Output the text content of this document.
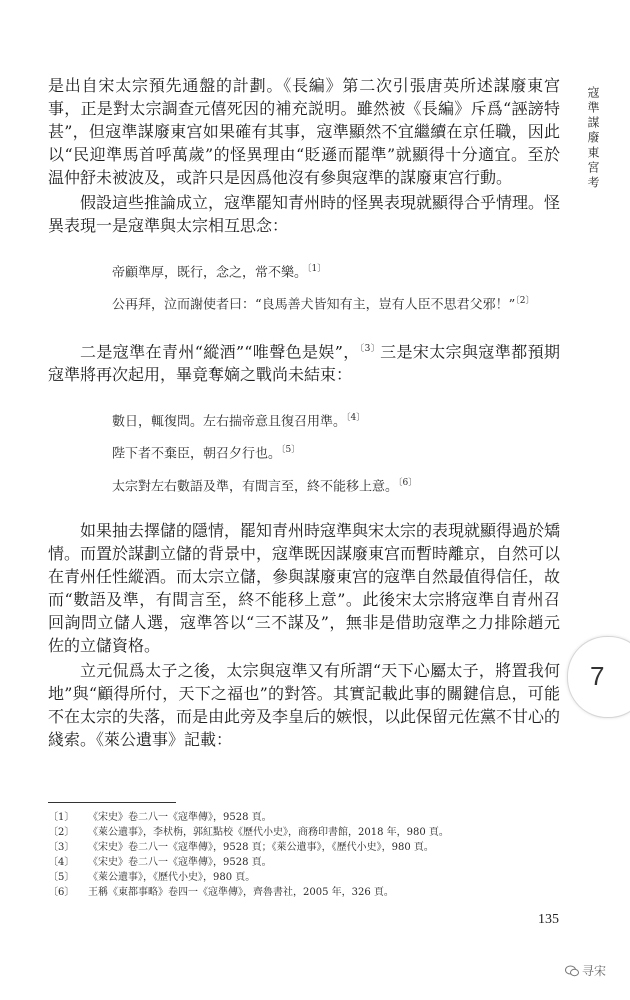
寇準謀廢東宮考
7

是出自宋太宗預先通盤的計劃。《長編》第二次引張唐英所述謀廢東宫事，正是對太宗調查元僖死因的補充説明。雖然被《長編》斥爲“誣謗特甚”，但寇準謀廢東宫如果確有其事，寇準顯然不宜繼續在京任職，因此以“民迎準馬首呼萬歲”的怪異理由“貶遜而罷準”就顯得十分適宜。至於温仲舒未被波及，或許只是因爲他沒有參與寇準的謀廢東宫行動。

假設這些推論成立，寇準罷知青州時的怪異表現就顯得合乎情理。怪異表現一是寇準與太宗相互思念：

帝顧準厚，既行，念之，常不樂。$^{〔1〕}$
公再拜，泣而謝使者曰：“良馬善犬皆知有主，豈有人臣不思君父邪！”$^{〔2〕}$

二是寇準在青州“縱酒”“唯聲色是娱”，$^{〔3〕}$三是宋太宗與寇準都預期寇準將再次起用，畢竟奪嫡之戰尚未結束：

數日，輒復問。左右揣帝意且復召用準。$^{〔4〕}$
陛下者不棄臣，朝召夕行也。$^{〔5〕}$
太宗對左右數語及準，有間言至，終不能移上意。$^{〔6〕}$

如果抽去擇儲的隱情，罷知青州時寇準與宋太宗的表現就顯得過於矯情。而置於謀劃立儲的背景中，寇準既因謀廢東宫而暫時離京，自然可以在青州任性縱酒。而太宗立儲，參與謀廢東宫的寇準自然最值得信任，故而“數語及準，有間言至，終不能移上意”。此後宋太宗將寇準自青州召回詢問立儲人選，寇準答以“三不謀及”，無非是借助寇準之力排除趙元佐的立儲資格。

立元侃爲太子之後，太宗與寇準又有所謂“天下心屬太子，將置我何地”與“顧得所付，天下之福也”的對答。其實記載此事的關鍵信息，可能不在太宗的失落，而是由此旁及李皇后的嫉恨，以此保留元佐黨不甘心的綫索。《萊公遺事》記載：

〔1〕 《宋史》卷二八一《寇準傳》，9528 頁。
〔2〕 《萊公遺事》，李枤栴，郭紅點校《歷代小史》，商務印書館，2018 年，980 頁。
〔3〕 《宋史》卷二八一《寇準傳》，9528 頁；《萊公遺事》，《歷代小史》，980 頁。
〔4〕 《宋史》卷二八一《寇準傳》，9528 頁。
〔5〕 《萊公遺事》，《歷代小史》，980 頁。
〔6〕 王稱《東都事略》卷四一《寇準傳》，齊魯書社，2005 年，326 頁。
135
寻宋
